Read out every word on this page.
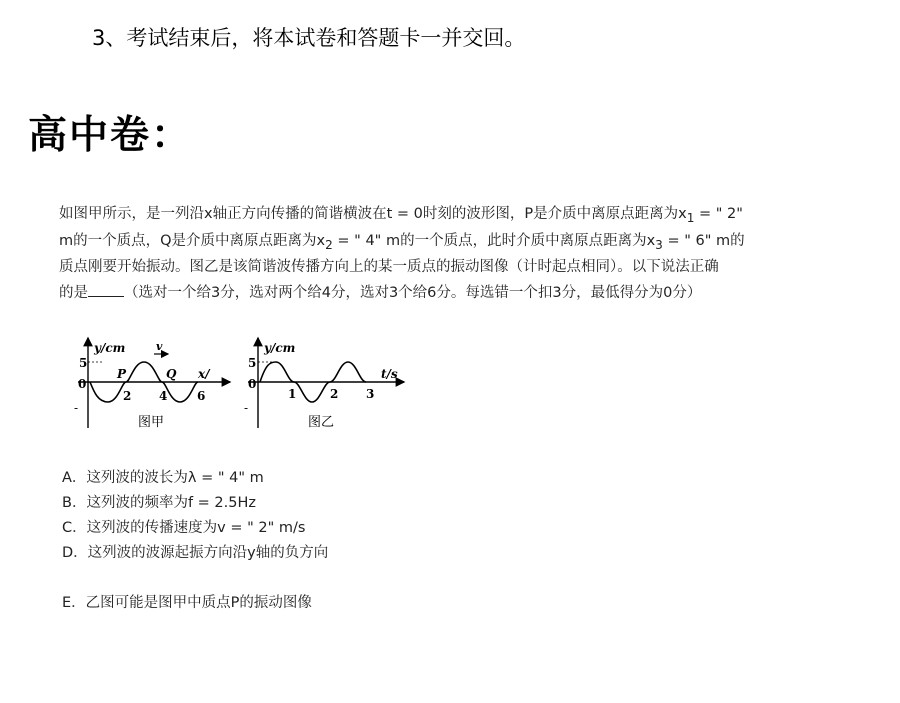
3、考试结束后，将本试卷和答题卡一并交回。
高中卷：
如图甲所示，是一列沿x轴正方向传播的简谐横波在t = 0时刻的波形图，P是介质中离原点距离为$x_1$ = " 2"
m的一个质点，Q是介质中离原点距离为$x_2$ = " 4" m的一个质点，此时介质中离原点距离为$x_3$ = " 6" m的
质点刚要开始振动。图乙是该简谐波传播方向上的某一质点的振动图像（计时起点相同）。以下说法正确
的是 （选对一个给3分，选对两个给4分，选对3个给6分。每选错一个扣3分，最低得分为0分）
y/cm	v
x/
5
0
-
P	Q
2 4 6
图甲
y/cm
t/s
5
0
-
1	2 3
图乙
A．这列波的波长为λ = " 4" m
B．这列波的频率为f = 2.5Hz
C．这列波的传播速度为v = " 2" m/s
D．这列波的波源起振方向沿y轴的负方向
E．乙图可能是图甲中质点P的振动图像
